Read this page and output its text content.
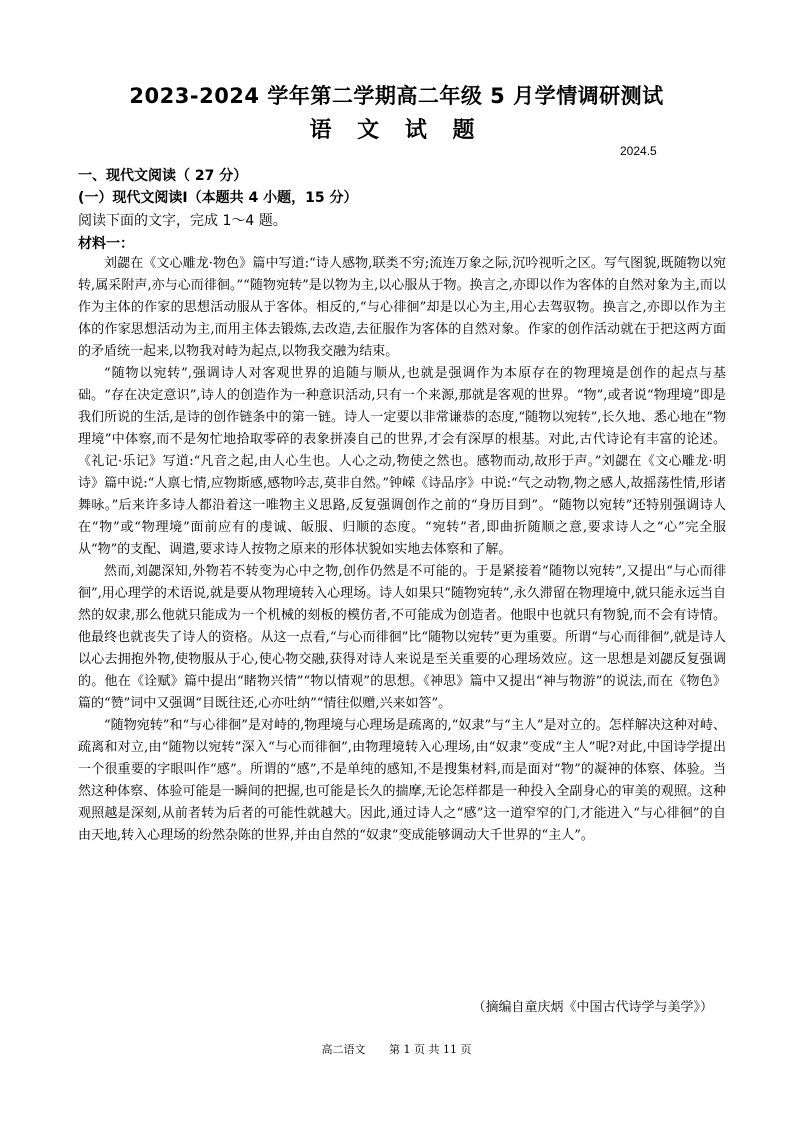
2023-2024 学年第二学期高二年级 5 月学情调研测试
语 文 试 题
2024.5
一、现代文阅读（ 27 分）
(一）现代文阅读Ⅰ（本题共 4 小题，15 分）
阅读下面的文字，完成 1～4 题。
材料一：

刘勰在《文心雕龙·物色》篇中写道:“诗人感物,联类不穷;流连万象之际,沉吟视听之区。写气图貌,既随物以宛转,属采附声,亦与心而徘徊。”“随物宛转”是以物为主,以心服从于物。换言之,亦即以作为客体的自然对象为主,而以作为主体的作家的思想活动服从于客体。相反的,“与心徘徊”却是以心为主,用心去驾驭物。换言之,亦即以作为主体的作家思想活动为主,而用主体去锻炼,去改造,去征服作为客体的自然对象。作家的创作活动就在于把这两方面的矛盾统一起来,以物我对峙为起点,以物我交融为结束。

“随物以宛转”,强调诗人对客观世界的追随与顺从,也就是强调作为本原存在的物理境是创作的起点与基础。“存在决定意识”,诗人的创造作为一种意识活动,只有一个来源,那就是客观的世界。“物”,或者说“物理境”即是我们所说的生活,是诗的创作链条中的第一链。诗人一定要以非常谦恭的态度,“随物以宛转”,长久地、悉心地在“物理境”中体察,而不是匆忙地拾取零碎的表象拼凑自己的世界,才会有深厚的根基。对此,古代诗论有丰富的论述。《礼记·乐记》写道:“凡音之起,由人心生也。人心之动,物使之然也。感物而动,故形于声。”刘勰在《文心雕龙·明诗》篇中说:“人禀七情,应物斯感,感物吟志,莫非自然。”钟嵘《诗品序》中说:“气之动物,物之感人,故摇荡性情,形诸舞咏。”后来许多诗人都沿着这一唯物主义思路,反复强调创作之前的“身历目到”。“随物以宛转”还特别强调诗人在“物”或“物理境”面前应有的虔诚、皈服、归顺的态度。“宛转”者,即曲折随顺之意,要求诗人之“心”完全服从“物”的支配、调遣,要求诗人按物之原来的形体状貌如实地去体察和了解。

然而,刘勰深知,外物若不转变为心中之物,创作仍然是不可能的。于是紧接着“随物以宛转”,又提出“与心而徘徊”,用心理学的术语说,就是要从物理境转入心理场。诗人如果只“随物宛转”,永久滞留在物理境中,就只能永远当自然的奴隶,那么他就只能成为一个机械的刻板的模仿者,不可能成为创造者。他眼中也就只有物貌,而不会有诗情。他最终也就丧失了诗人的资格。从这一点看,“与心而徘徊”比“随物以宛转”更为重要。所谓“与心而徘徊”,就是诗人以心去拥抱外物,使物服从于心,使心物交融,获得对诗人来说是至关重要的心理场效应。这一思想是刘勰反复强调的。他在《诠赋》篇中提出“睹物兴情”“物以情观”的思想。《神思》篇中又提出“神与物游”的说法,而在《物色》篇的“赞”词中又强调“目既往还,心亦吐纳”“情往似赠,兴来如答”。

“随物宛转”和“与心徘徊”是对峙的,物理境与心理场是疏离的,“奴隶”与“主人”是对立的。怎样解决这种对峙、疏离和对立,由“随物以宛转”深入“与心而徘徊”,由物理境转入心理场,由“奴隶”变成“主人”呢?对此,中国诗学提出一个很重要的字眼叫作“感”。所谓的“感”,不是单纯的感知,不是搜集材料,而是面对“物”的凝神的体察、体验。当然这种体察、体验可能是一瞬间的把握,也可能是长久的揣摩,无论怎样都是一种投入全副身心的审美的观照。这种观照越是深刻,从前者转为后者的可能性就越大。因此,通过诗人之“感”这一道窄窄的门,才能进入“与心徘徊”的自由天地,转入心理场的纷然杂陈的世界,并由自然的“奴隶”变成能够调动大千世界的“主人”。

（摘编自童庆炳《中国古代诗学与美学》）
高二语文 第 1 页 共 11 页
